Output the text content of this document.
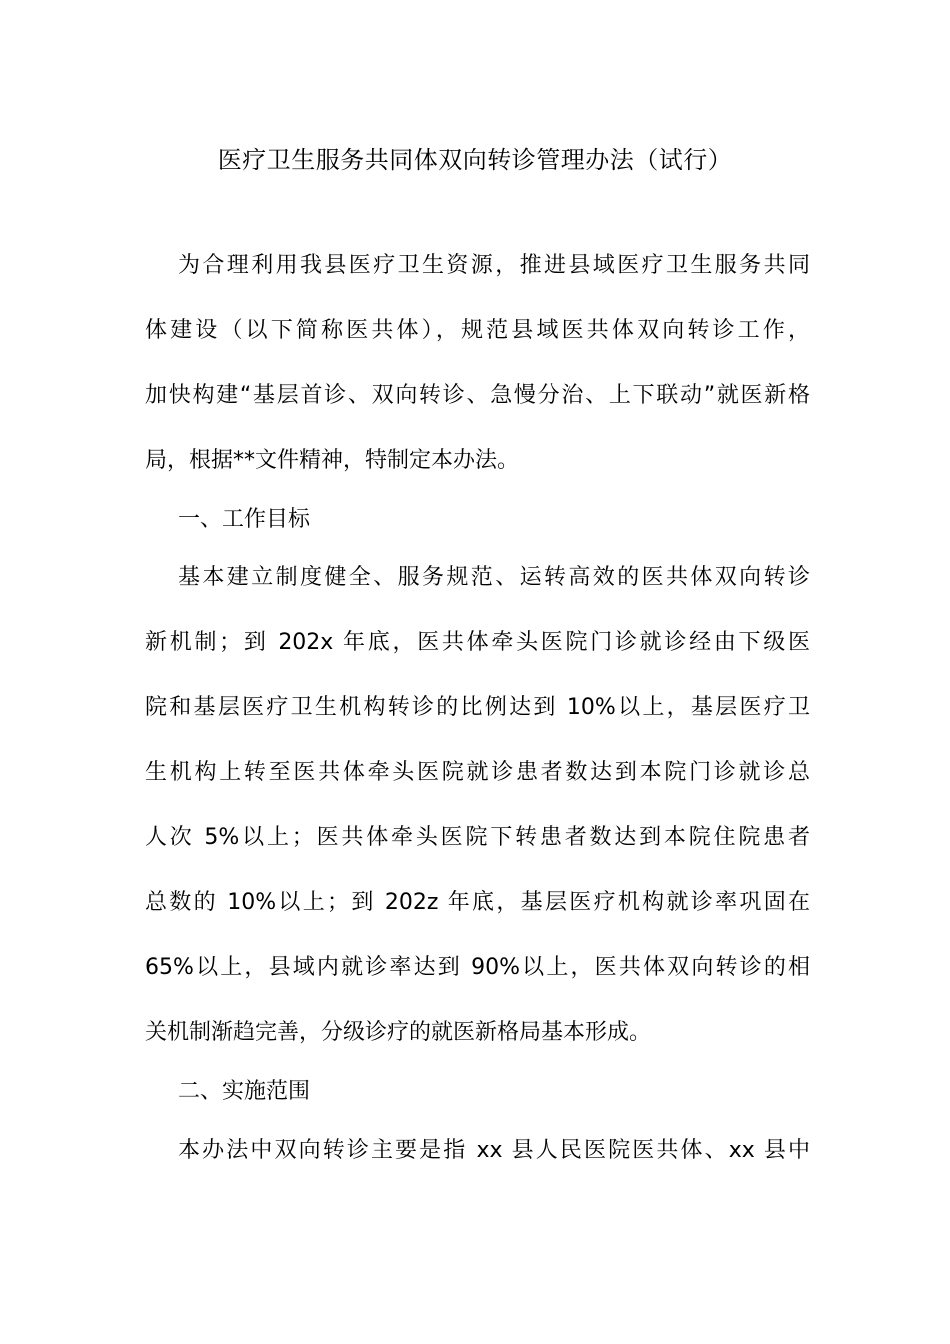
医疗卫生服务共同体双向转诊管理办法（试行）
为合理利用我县医疗卫生资源，推进县域医疗卫生服务共同
体建设（以下简称医共体），规范县域医共体双向转诊工作，
加快构建“基层首诊、双向转诊、急慢分治、上下联动”就医新格
局，根据**文件精神，特制定本办法。
一、工作目标
基本建立制度健全、服务规范、运转高效的医共体双向转诊
新机制；到 202x 年底，医共体牵头医院门诊就诊经由下级医
院和基层医疗卫生机构转诊的比例达到 10%以上，基层医疗卫
生机构上转至医共体牵头医院就诊患者数达到本院门诊就诊总
人次 5%以上；医共体牵头医院下转患者数达到本院住院患者
总数的 10%以上；到 202z 年底，基层医疗机构就诊率巩固在
65%以上，县域内就诊率达到 90%以上，医共体双向转诊的相
关机制渐趋完善，分级诊疗的就医新格局基本形成。
二、实施范围
本办法中双向转诊主要是指 xx 县人民医院医共体、xx 县中
